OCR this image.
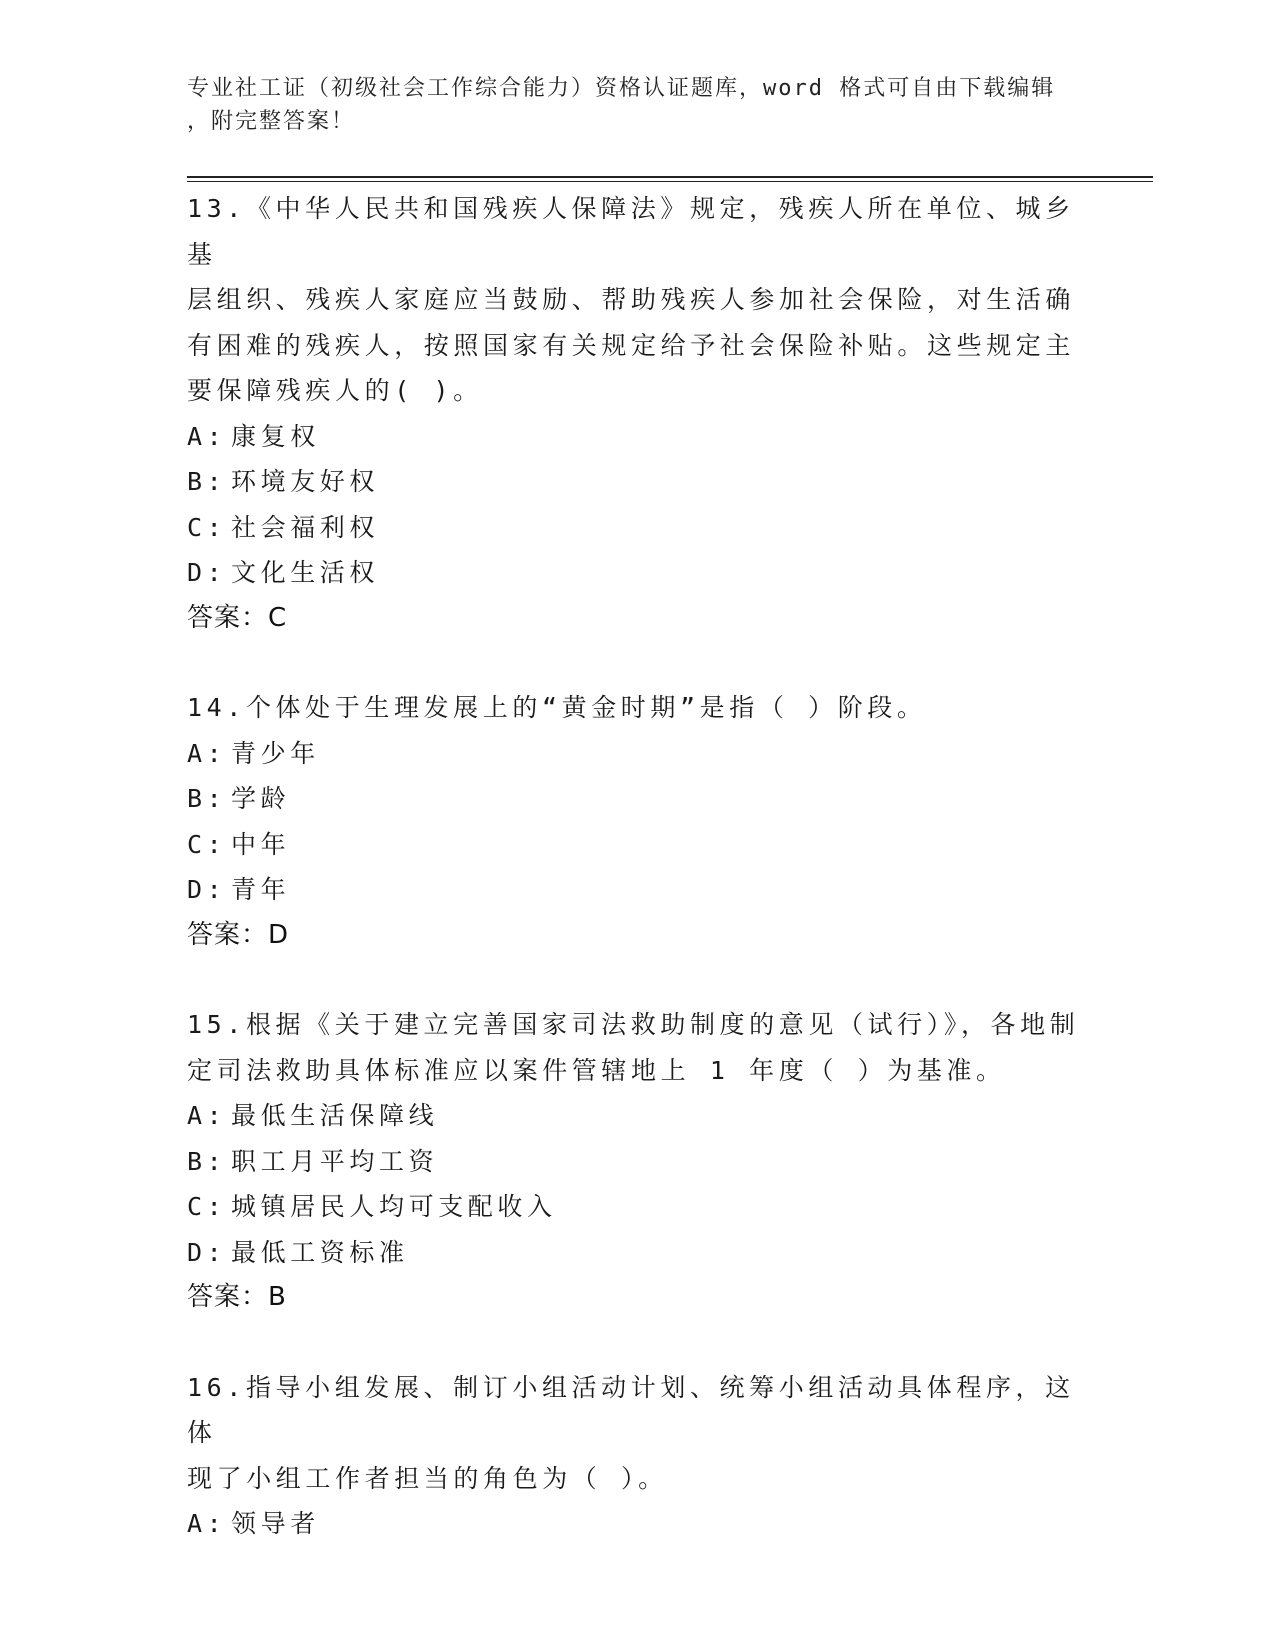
专业社工证（初级社会工作综合能力）资格认证题库，word 格式可自由下载编辑
，附完整答案！

13.《中华人民共和国残疾人保障法》规定，残疾人所在单位、城乡基

层组织、残疾人家庭应当鼓励、帮助残疾人参加社会保险，对生活确

有困难的残疾人，按照国家有关规定给予社会保险补贴。这些规定主

要保障残疾人的( )。

A: 康复权

B: 环境友好权

C: 社会福利权

D: 文化生活权

答案：C

14.个体处于生理发展上的“黄金时期”是指（ ）阶段。

A: 青少年

B: 学龄

C: 中年

D: 青年

答案：D

15.根据《关于建立完善国家司法救助制度的意见（试行）》，各地制

定司法救助具体标准应以案件管辖地上 1 年度（ ）为基准。

A: 最低生活保障线

B: 职工月平均工资

C: 城镇居民人均可支配收入

D: 最低工资标准

答案：B

16.指导小组发展、制订小组活动计划、统筹小组活动具体程序，这体

现了小组工作者担当的角色为（ ）。

A: 领导者
